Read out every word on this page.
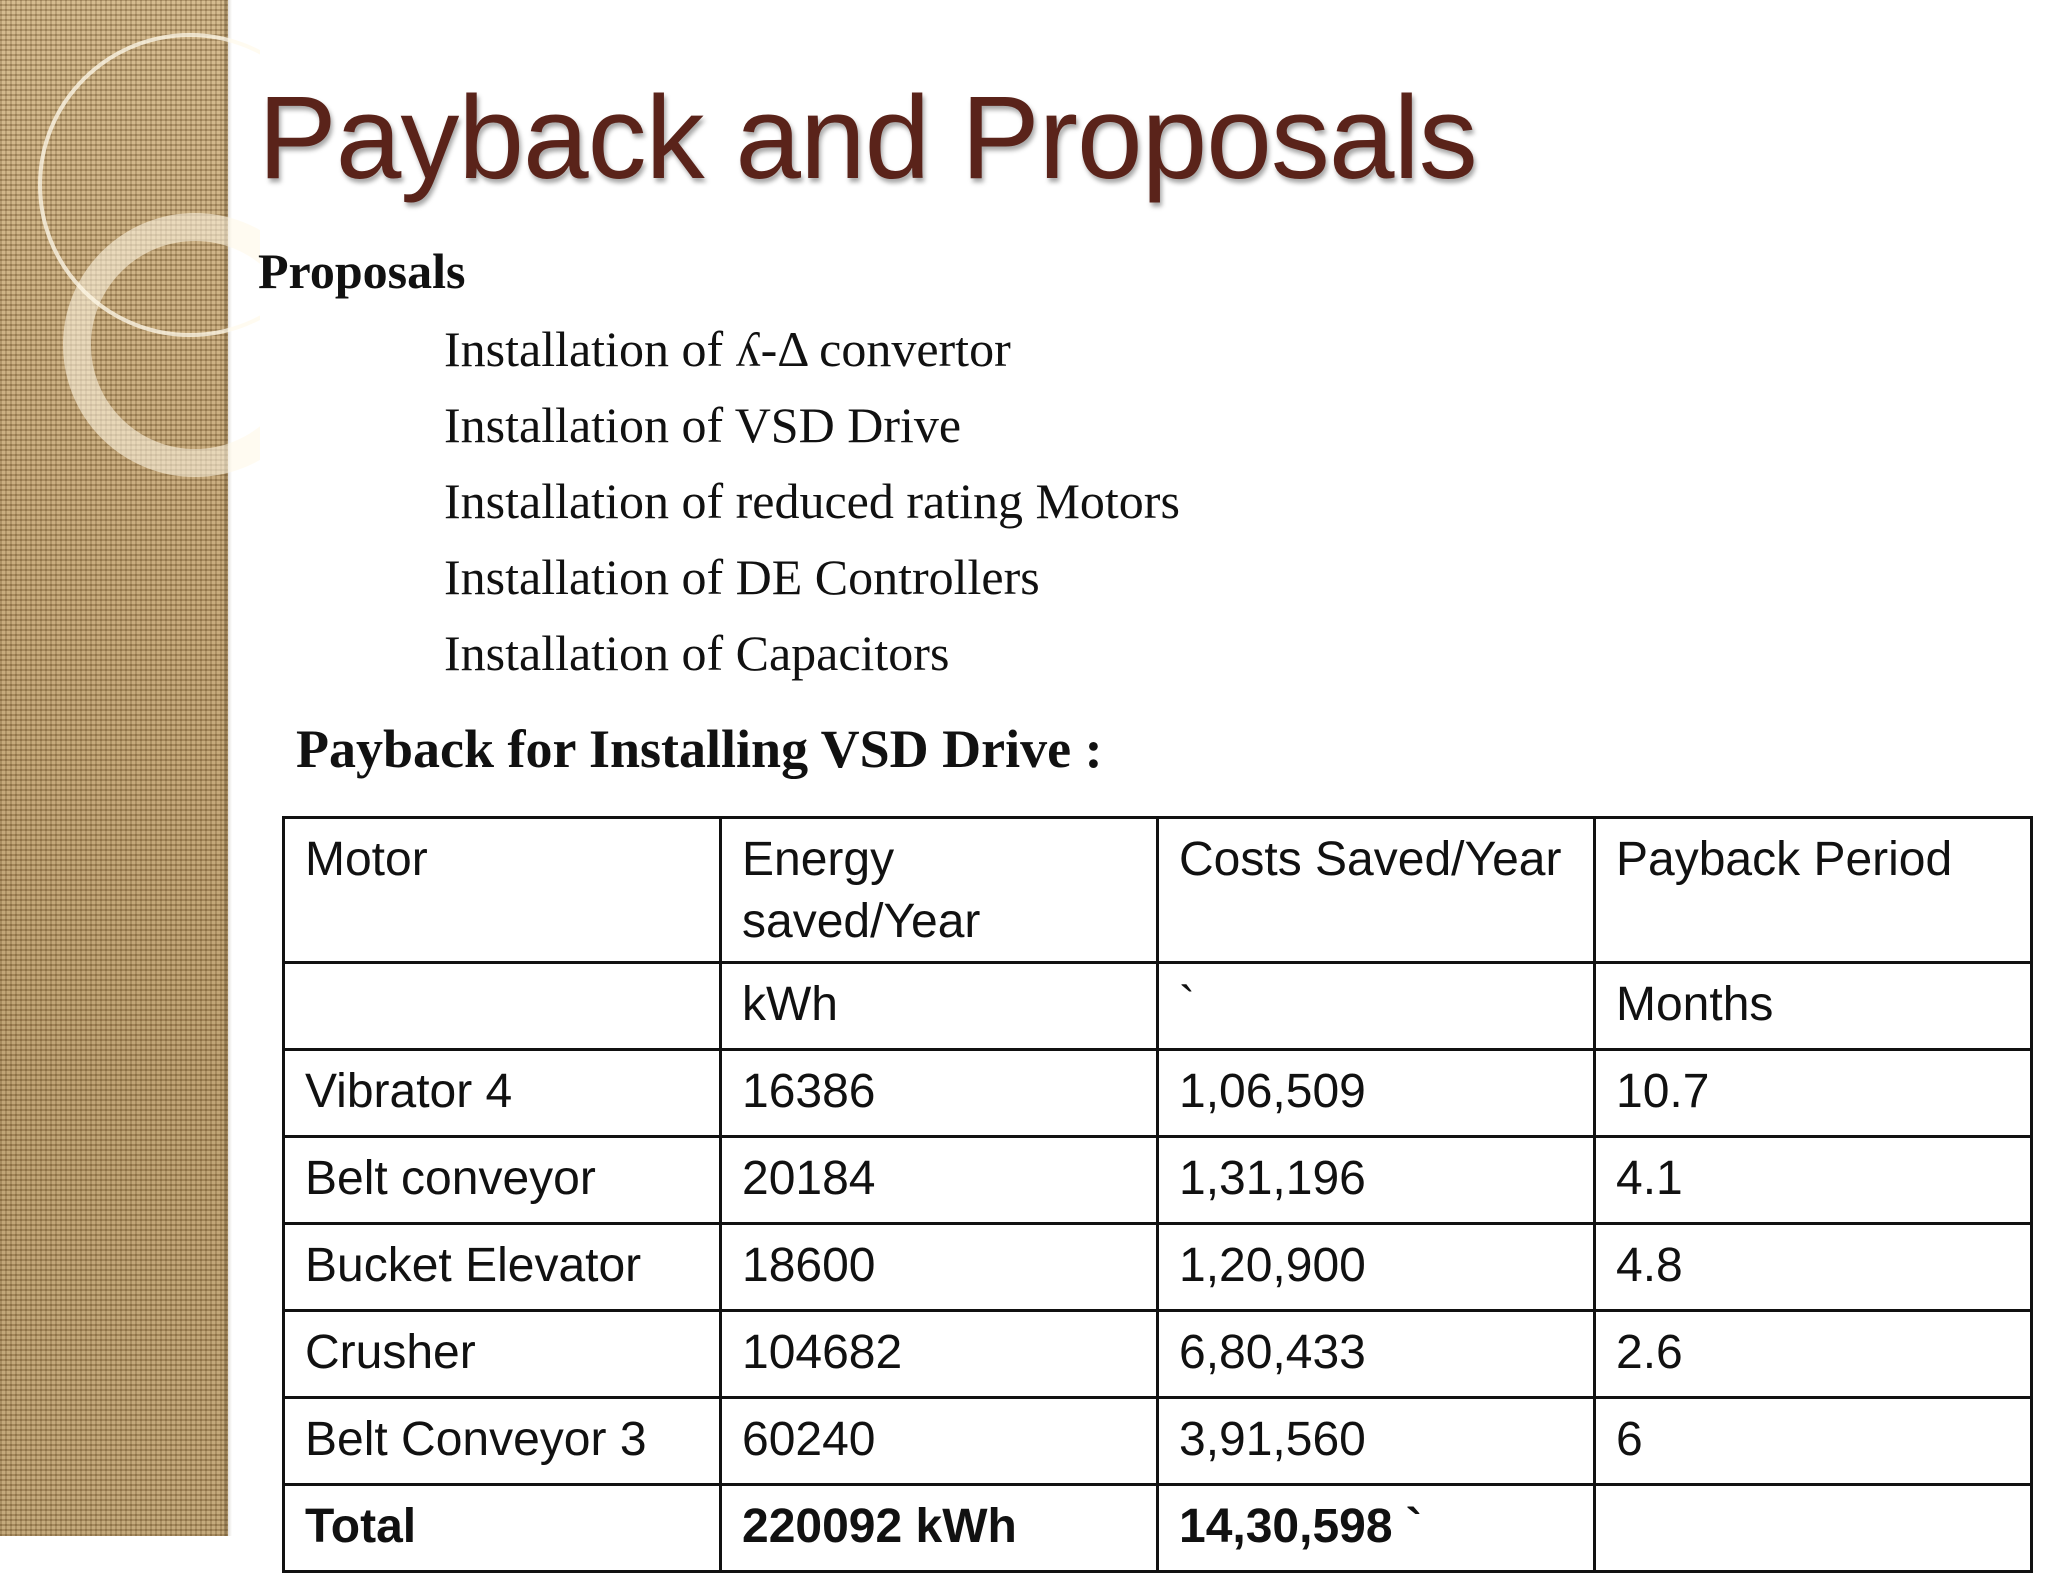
Payback and Proposals
Proposals
Installation of ʎ-Δ convertor
Installation of VSD Drive
Installation of reduced rating Motors
Installation of DE Controllers
Installation of Capacitors
Payback for Installing VSD Drive :
Motor	Energy saved/Year	Costs Saved/Year	Payback Period
	kWh	`	Months
Vibrator 4	16386	1,06,509	10.7
Belt conveyor	20184	1,31,196	4.1
Bucket Elevator	18600	1,20,900	4.8
Crusher	104682	6,80,433	2.6
Belt Conveyor 3	60240	3,91,560	6
Total	220092 kWh	14,30,598 `	
